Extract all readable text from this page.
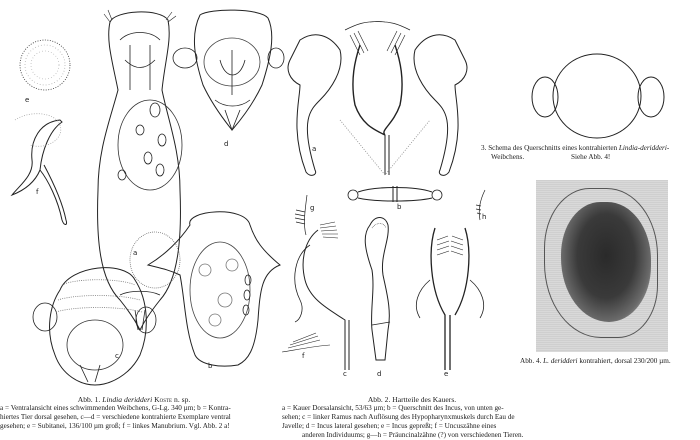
e
f
a
d
c
b
a
b
g
h
f
c	d	e
3. Schema des Querschnitts eines kontrahierten Lindia-deridderi-
Weibchens.	Siehe Abb. 4!
Abb. 4. L. deridderi kontrahiert, dorsal 230/200 µm.
Abb. 1. Lindia deridderi Koste n. sp.
a = Ventralansicht eines schwimmenden Weibchens, G-Lg. 340 µm; b = Kontra-
hiertes Tier dorsal gesehen, c—d = verschiedene kontrahierte Exemplare ventral
gesehen; e = Subitanei, 136/100 µm groß; f = linkes Manubrium. Vgl. Abb. 2 a!
Abb. 2. Hartteile des Kauers.
a = Kauer Dorsalansicht, 53/63 µm; b = Querschnitt des Incus, von unten ge-
sehen; c = linker Ramus nach Auflösung des Hypopharynxmuskels durch Eau de
Javelle; d = Incus lateral gesehen; e = Incus gepreßt; f = Uncuszähne eines
anderen Individuums; g—h = Präuncinalzähne (?) von verschiedenen Tieren.
